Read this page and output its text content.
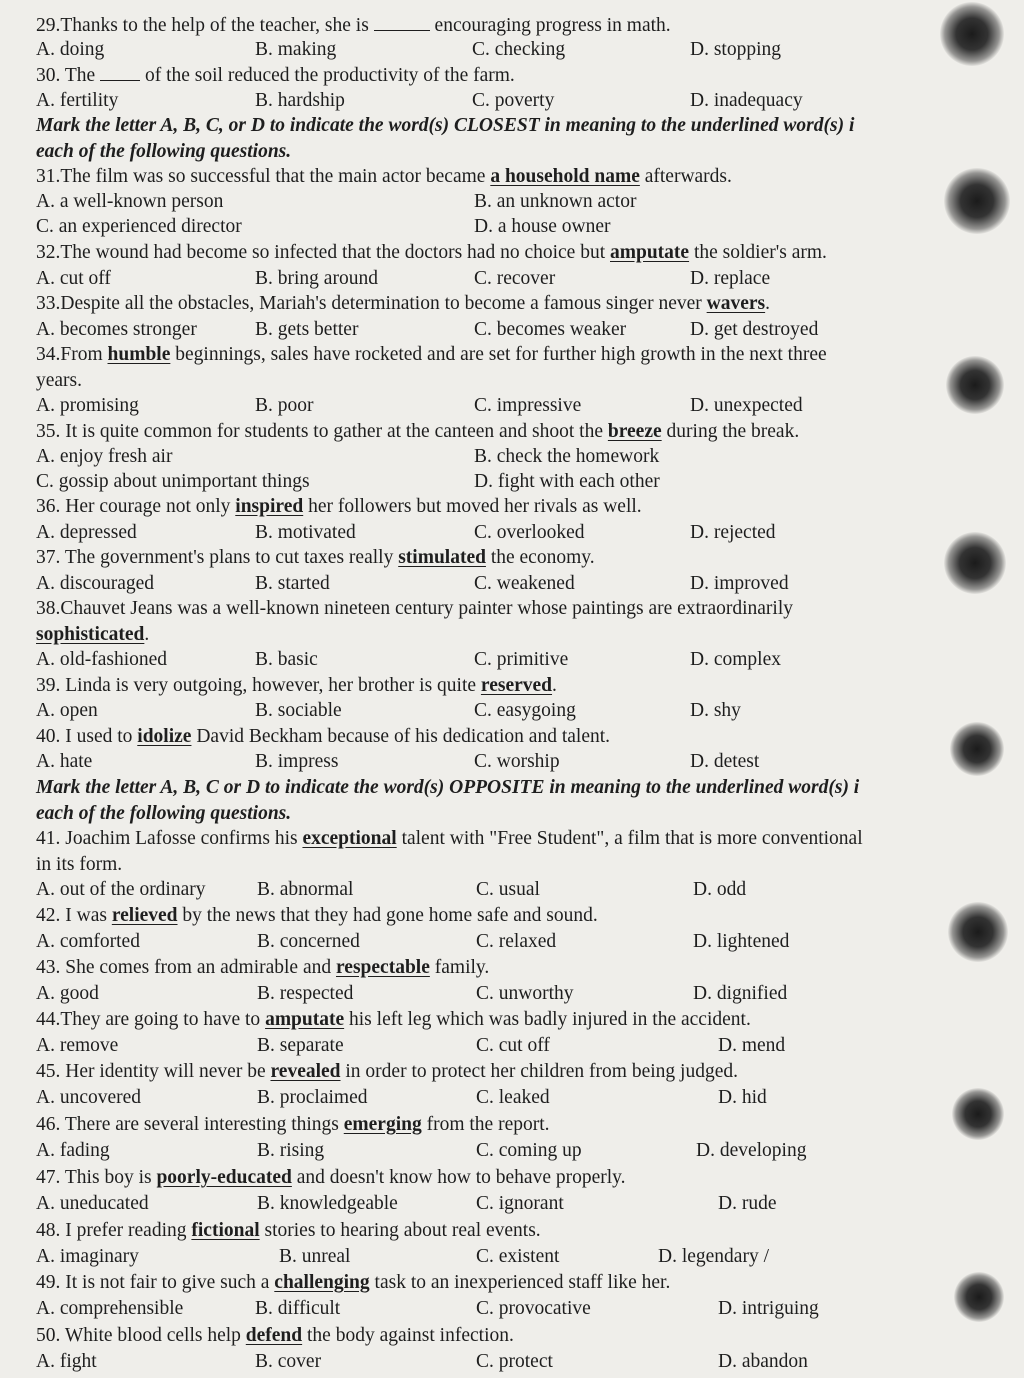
29.Thanks to the help of the teacher, she is	encouraging progress in math.
A. doing	B. making	C. checking	D. stopping
30. The  of the soil reduced the productivity of the farm.
A. fertility	B. hardship	C. poverty	D. inadequacy
Mark the letter A, B, C, or D to indicate the word(s) CLOSEST in meaning to the underlined word(s) i
each of the following questions.
31.The film was so successful that the main actor became a household name afterwards.
A. a well-known person	B. an unknown actor
C. an experienced director	D. a house owner
32.The wound had become so infected that the doctors had no choice but amputate the soldier's arm.
A. cut off	B. bring around	C. recover	D. replace
33.Despite all the obstacles, Mariah's determination to become a famous singer never wavers.
A. becomes stronger	B. gets better	C. becomes weaker	D. get destroyed
34.From humble beginnings, sales have rocketed and are set for further high growth in the next three
years.
A. promising	B. poor	C. impressive	D. unexpected
35. It is quite common for students to gather at the canteen and shoot the breeze during the break.
A. enjoy fresh air	B. check the homework
C. gossip about unimportant things	D. fight with each other
36. Her courage not only inspired her followers but moved her rivals as well.
A. depressed	B. motivated	C. overlooked	D. rejected
37. The government's plans to cut taxes really stimulated the economy.
A. discouraged	B. started	C. weakened	D. improved
38.Chauvet Jeans was a well-known nineteen century painter whose paintings are extraordinarily
sophisticated.
A. old-fashioned	B. basic	C. primitive	D. complex
39. Linda is very outgoing, however, her brother is quite reserved.
A. open	B. sociable	C. easygoing	D. shy
40. I used to idolize David Beckham because of his dedication and talent.
A. hate	B. impress	C. worship	D. detest
Mark the letter A, B, C or D to indicate the word(s) OPPOSITE in meaning to the underlined word(s) i
each of the following questions.
41. Joachim Lafosse confirms his exceptional talent with "Free Student", a film that is more conventional
in its form.
A. out of the ordinary	B. abnormal	C. usual	D. odd
42. I was relieved by the news that they had gone home safe and sound.
A. comforted	B. concerned	C. relaxed	D. lightened
43. She comes from an admirable and respectable family.
A. good	B. respected	C. unworthy	D. dignified
44.They are going to have to amputate his left leg which was badly injured in the accident.
A. remove	B. separate	C. cut off	D. mend
45. Her identity will never be revealed in order to protect her children from being judged.
A. uncovered	B. proclaimed	C. leaked	D. hid
46. There are several interesting things emerging from the report.
A. fading	B. rising	C. coming up	D. developing
47. This boy is poorly-educated and doesn't know how to behave properly.
A. uneducated	B. knowledgeable	C. ignorant	D. rude
48. I prefer reading fictional stories to hearing about real events.
A. imaginary	B. unreal	C. existent	D. legendary /
49. It is not fair to give such a challenging task to an inexperienced staff like her.
A. comprehensible	B. difficult	C. provocative	D. intriguing
50. White blood cells help defend the body against infection.
A. fight	B. cover	C. protect	D. abandon
